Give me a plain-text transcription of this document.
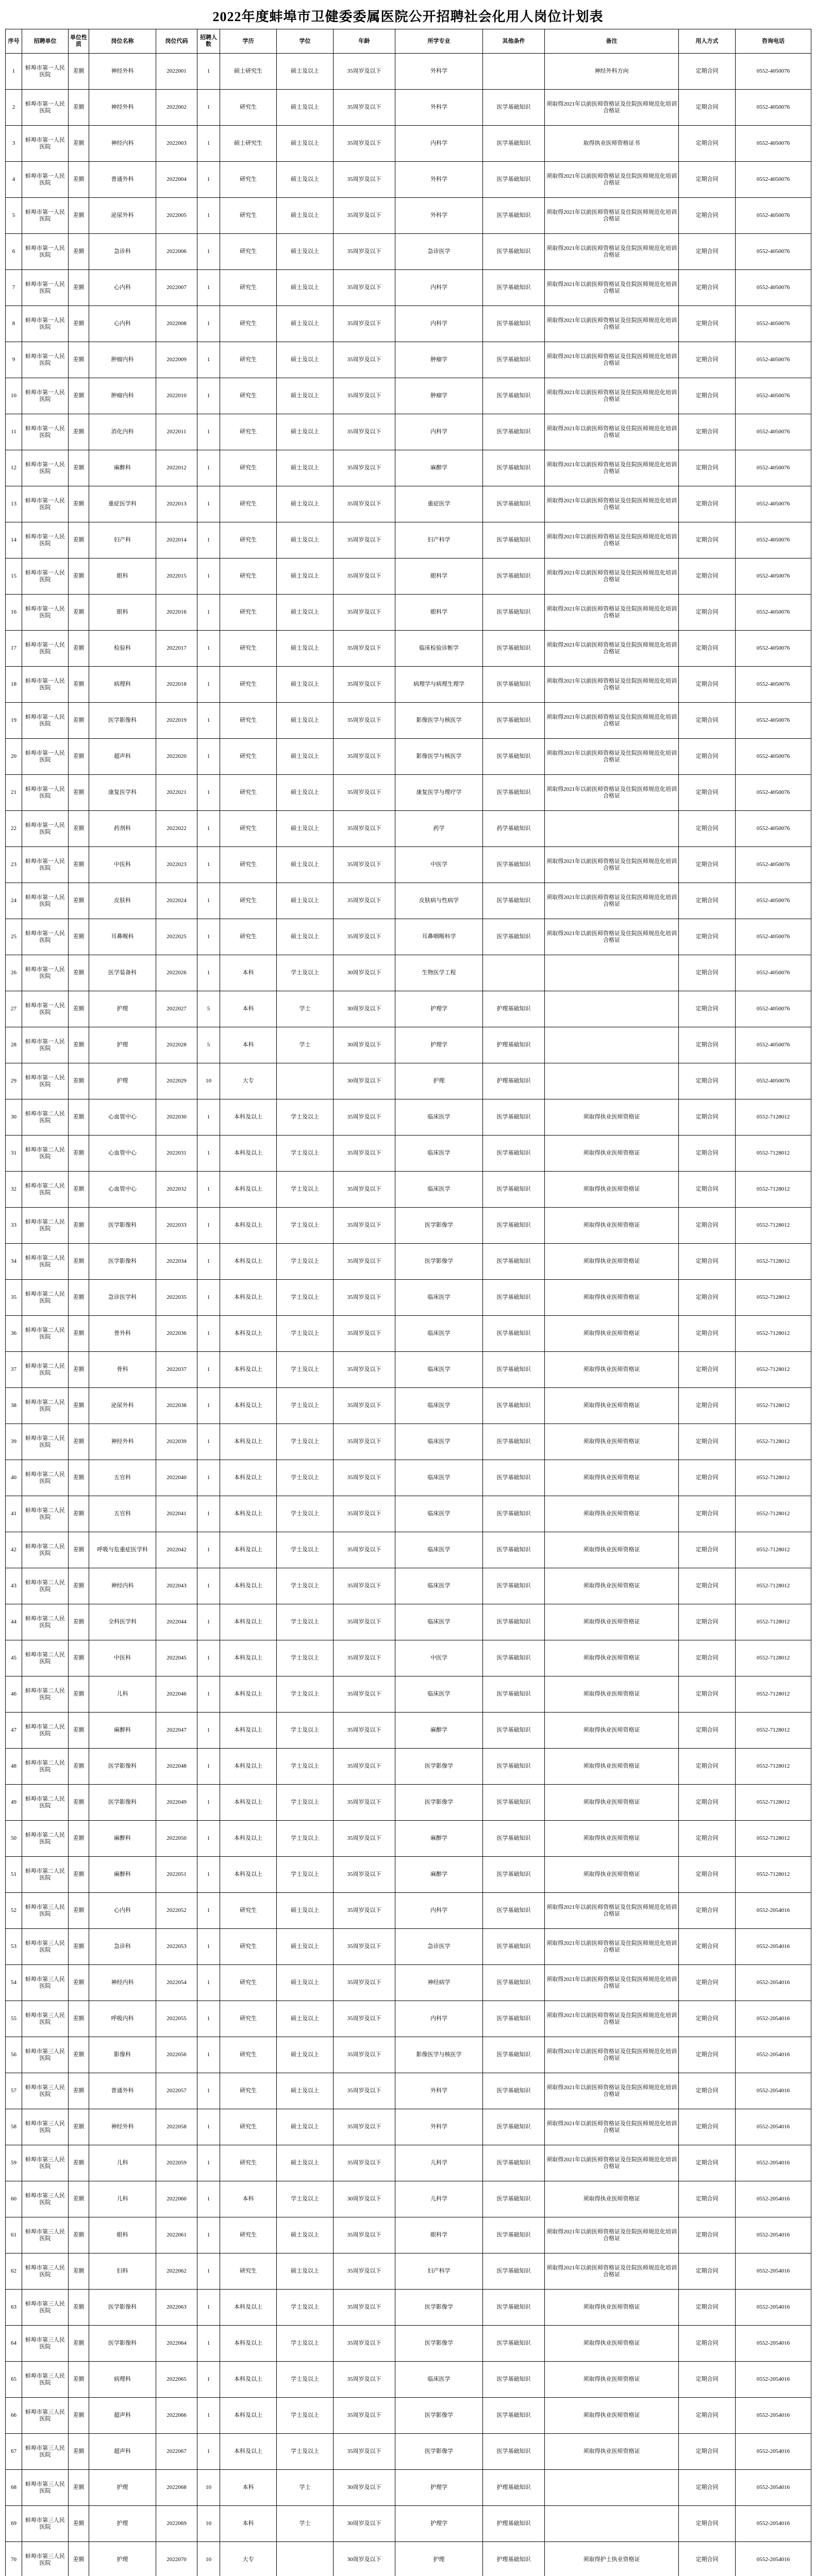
2022年度蚌埠市卫健委委属医院公开招聘社会化用人岗位计划表
序号	招聘单位	单位性质	岗位名称	岗位代码	招聘人数	学历	学位	年龄	所学专业	其他条件	备注	用人方式	咨询电话
1	蚌埠市第一人民医院	差额	神经外科	2022001	1	硕士研究生	硕士及以上	35周岁及以下	外科学		神经外科方向	定期合同	0552-4050076
2	蚌埠市第一人民医院	差额	神经外科	2022002	1	研究生	硕士及以上	35周岁及以下	外科学	医学基础知识	须取得2021年以前医师资格证及住院医师规范化培训合格证	定期合同	0552-4050076
3	蚌埠市第一人民医院	差额	神经内科	2022003	1	硕士研究生	硕士及以上	35周岁及以下	内科学	医学基础知识	取得执业医师资格证书	定期合同	0552-4050076
4	蚌埠市第一人民医院	差额	普通外科	2022004	1	研究生	硕士及以上	35周岁及以下	外科学	医学基础知识	须取得2021年以前医师资格证及住院医师规范化培训合格证	定期合同	0552-4050076
5	蚌埠市第一人民医院	差额	泌尿外科	2022005	1	研究生	硕士及以上	35周岁及以下	外科学	医学基础知识	须取得2021年以前医师资格证及住院医师规范化培训合格证	定期合同	0552-4050076
6	蚌埠市第一人民医院	差额	急诊科	2022006	1	研究生	硕士及以上	35周岁及以下	急诊医学	医学基础知识	须取得2021年以前医师资格证及住院医师规范化培训合格证	定期合同	0552-4050076
7	蚌埠市第一人民医院	差额	心内科	2022007	1	研究生	硕士及以上	35周岁及以下	内科学	医学基础知识	须取得2021年以前医师资格证及住院医师规范化培训合格证	定期合同	0552-4050076
8	蚌埠市第一人民医院	差额	心内科	2022008	1	研究生	硕士及以上	35周岁及以下	内科学	医学基础知识	须取得2021年以前医师资格证及住院医师规范化培训合格证	定期合同	0552-4050076
9	蚌埠市第一人民医院	差额	肿瘤内科	2022009	1	研究生	硕士及以上	35周岁及以下	肿瘤学	医学基础知识	须取得2021年以前医师资格证及住院医师规范化培训合格证	定期合同	0552-4050076
10	蚌埠市第一人民医院	差额	肿瘤内科	2022010	1	研究生	硕士及以上	35周岁及以下	肿瘤学	医学基础知识	须取得2021年以前医师资格证及住院医师规范化培训合格证	定期合同	0552-4050076
11	蚌埠市第一人民医院	差额	消化内科	2022011	1	研究生	硕士及以上	35周岁及以下	内科学	医学基础知识	须取得2021年以前医师资格证及住院医师规范化培训合格证	定期合同	0552-4050076
12	蚌埠市第一人民医院	差额	麻醉科	2022012	1	研究生	硕士及以上	35周岁及以下	麻醉学	医学基础知识	须取得2021年以前医师资格证及住院医师规范化培训合格证	定期合同	0552-4050076
13	蚌埠市第一人民医院	差额	重症医学科	2022013	1	研究生	硕士及以上	35周岁及以下	重症医学	医学基础知识	须取得2021年以前医师资格证及住院医师规范化培训合格证	定期合同	0552-4050076
14	蚌埠市第一人民医院	差额	妇产科	2022014	1	研究生	硕士及以上	35周岁及以下	妇产科学	医学基础知识	须取得2021年以前医师资格证及住院医师规范化培训合格证	定期合同	0552-4050076
15	蚌埠市第一人民医院	差额	眼科	2022015	1	研究生	硕士及以上	35周岁及以下	眼科学	医学基础知识	须取得2021年以前医师资格证及住院医师规范化培训合格证	定期合同	0552-4050076
16	蚌埠市第一人民医院	差额	眼科	2022016	1	研究生	硕士及以上	35周岁及以下	眼科学	医学基础知识	须取得2021年以前医师资格证及住院医师规范化培训合格证	定期合同	0552-4050076
17	蚌埠市第一人民医院	差额	检验科	2022017	1	研究生	硕士及以上	35周岁及以下	临床检验诊断学	医学基础知识	须取得2021年以前医师资格证及住院医师规范化培训合格证	定期合同	0552-4050076
18	蚌埠市第一人民医院	差额	病理科	2022018	1	研究生	硕士及以上	35周岁及以下	病理学与病理生理学	医学基础知识	须取得2021年以前医师资格证及住院医师规范化培训合格证	定期合同	0552-4050076
19	蚌埠市第一人民医院	差额	医学影像科	2022019	1	研究生	硕士及以上	35周岁及以下	影像医学与核医学	医学基础知识	须取得2021年以前医师资格证及住院医师规范化培训合格证	定期合同	0552-4050076
20	蚌埠市第一人民医院	差额	超声科	2022020	1	研究生	硕士及以上	35周岁及以下	影像医学与核医学	医学基础知识	须取得2021年以前医师资格证及住院医师规范化培训合格证	定期合同	0552-4050076
21	蚌埠市第一人民医院	差额	康复医学科	2022021	1	研究生	硕士及以上	35周岁及以下	康复医学与理疗学	医学基础知识	须取得2021年以前医师资格证及住院医师规范化培训合格证	定期合同	0552-4050076
22	蚌埠市第一人民医院	差额	药剂科	2022022	1	研究生	硕士及以上	35周岁及以下	药学	药学基础知识		定期合同	0552-4050076
23	蚌埠市第一人民医院	差额	中医科	2022023	1	研究生	硕士及以上	35周岁及以下	中医学	医学基础知识	须取得2021年以前医师资格证及住院医师规范化培训合格证	定期合同	0552-4050076
24	蚌埠市第一人民医院	差额	皮肤科	2022024	1	研究生	硕士及以上	35周岁及以下	皮肤病与性病学	医学基础知识	须取得2021年以前医师资格证及住院医师规范化培训合格证	定期合同	0552-4050076
25	蚌埠市第一人民医院	差额	耳鼻喉科	2022025	1	研究生	硕士及以上	35周岁及以下	耳鼻咽喉科学	医学基础知识	须取得2021年以前医师资格证及住院医师规范化培训合格证	定期合同	0552-4050076
26	蚌埠市第一人民医院	差额	医学装备科	2022026	1	本科	学士及以上	30周岁及以下	生物医学工程			定期合同	0552-4050076
27	蚌埠市第一人民医院	差额	护理	2022027	5	本科	学士	30周岁及以下	护理学	护理基础知识		定期合同	0552-4050076
28	蚌埠市第一人民医院	差额	护理	2022028	5	本科	学士	30周岁及以下	护理学	护理基础知识		定期合同	0552-4050076
29	蚌埠市第一人民医院	差额	护理	2022029	10	大专		30周岁及以下	护理	护理基础知识		定期合同	0552-4050076
30	蚌埠市第二人民医院	差额	心血管中心	2022030	1	本科及以上	学士及以上	35周岁及以下	临床医学	医学基础知识	须取得执业医师资格证	定期合同	0552-7128012
31	蚌埠市第二人民医院	差额	心血管中心	2022031	1	本科及以上	学士及以上	35周岁及以下	临床医学	医学基础知识	须取得执业医师资格证	定期合同	0552-7128012
32	蚌埠市第二人民医院	差额	心血管中心	2022032	1	本科及以上	学士及以上	35周岁及以下	临床医学	医学基础知识	须取得执业医师资格证	定期合同	0552-7128012
33	蚌埠市第二人民医院	差额	医学影像科	2022033	1	本科及以上	学士及以上	35周岁及以下	医学影像学	医学基础知识	须取得执业医师资格证	定期合同	0552-7128012
34	蚌埠市第二人民医院	差额	医学影像科	2022034	1	本科及以上	学士及以上	35周岁及以下	医学影像学	医学基础知识	须取得执业医师资格证	定期合同	0552-7128012
35	蚌埠市第二人民医院	差额	急诊医学科	2022035	1	本科及以上	学士及以上	35周岁及以下	临床医学	医学基础知识	须取得执业医师资格证	定期合同	0552-7128012
36	蚌埠市第二人民医院	差额	普外科	2022036	1	本科及以上	学士及以上	35周岁及以下	临床医学	医学基础知识	须取得执业医师资格证	定期合同	0552-7128012
37	蚌埠市第二人民医院	差额	骨科	2022037	1	本科及以上	学士及以上	35周岁及以下	临床医学	医学基础知识	须取得执业医师资格证	定期合同	0552-7128012
38	蚌埠市第二人民医院	差额	泌尿外科	2022038	1	本科及以上	学士及以上	35周岁及以下	临床医学	医学基础知识	须取得执业医师资格证	定期合同	0552-7128012
39	蚌埠市第二人民医院	差额	神经外科	2022039	1	本科及以上	学士及以上	35周岁及以下	临床医学	医学基础知识	须取得执业医师资格证	定期合同	0552-7128012
40	蚌埠市第二人民医院	差额	五官科	2022040	1	本科及以上	学士及以上	35周岁及以下	临床医学	医学基础知识	须取得执业医师资格证	定期合同	0552-7128012
41	蚌埠市第二人民医院	差额	五官科	2022041	1	本科及以上	学士及以上	35周岁及以下	临床医学	医学基础知识	须取得执业医师资格证	定期合同	0552-7128012
42	蚌埠市第二人民医院	差额	呼吸与危重症医学科	2022042	1	本科及以上	学士及以上	35周岁及以下	临床医学	医学基础知识	须取得执业医师资格证	定期合同	0552-7128012
43	蚌埠市第二人民医院	差额	神经内科	2022043	1	本科及以上	学士及以上	35周岁及以下	临床医学	医学基础知识	须取得执业医师资格证	定期合同	0552-7128012
44	蚌埠市第二人民医院	差额	全科医学科	2022044	1	本科及以上	学士及以上	35周岁及以下	临床医学	医学基础知识	须取得执业医师资格证	定期合同	0552-7128012
45	蚌埠市第二人民医院	差额	中医科	2022045	1	本科及以上	学士及以上	35周岁及以下	中医学	医学基础知识	须取得执业医师资格证	定期合同	0552-7128012
46	蚌埠市第二人民医院	差额	儿科	2022046	1	本科及以上	学士及以上	35周岁及以下	临床医学	医学基础知识	须取得执业医师资格证	定期合同	0552-7128012
47	蚌埠市第二人民医院	差额	麻醉科	2022047	1	本科及以上	学士及以上	35周岁及以下	麻醉学	医学基础知识	须取得执业医师资格证	定期合同	0552-7128012
48	蚌埠市第二人民医院	差额	医学影像科	2022048	1	本科及以上	学士及以上	35周岁及以下	医学影像学	医学基础知识	须取得执业医师资格证	定期合同	0552-7128012
49	蚌埠市第二人民医院	差额	医学影像科	2022049	1	本科及以上	学士及以上	35周岁及以下	医学影像学	医学基础知识	须取得执业医师资格证	定期合同	0552-7128012
50	蚌埠市第二人民医院	差额	麻醉科	2022050	1	本科及以上	学士及以上	35周岁及以下	麻醉学	医学基础知识	须取得执业医师资格证	定期合同	0552-7128012
51	蚌埠市第二人民医院	差额	麻醉科	2022051	1	本科及以上	学士及以上	35周岁及以下	麻醉学	医学基础知识	须取得执业医师资格证	定期合同	0552-7128012
52	蚌埠市第三人民医院	差额	心内科	2022052	1	研究生	硕士及以上	35周岁及以下	内科学	医学基础知识	须取得2021年以前医师资格证及住院医师规范化培训合格证	定期合同	0552-2054016
53	蚌埠市第三人民医院	差额	急诊科	2022053	1	研究生	硕士及以上	35周岁及以下	急诊医学	医学基础知识	须取得2021年以前医师资格证及住院医师规范化培训合格证	定期合同	0552-2054016
54	蚌埠市第三人民医院	差额	神经内科	2022054	1	研究生	硕士及以上	35周岁及以下	神经病学	医学基础知识	须取得2021年以前医师资格证及住院医师规范化培训合格证	定期合同	0552-2054016
55	蚌埠市第三人民医院	差额	呼吸内科	2022055	1	研究生	硕士及以上	35周岁及以下	内科学	医学基础知识	须取得2021年以前医师资格证及住院医师规范化培训合格证	定期合同	0552-2054016
56	蚌埠市第三人民医院	差额	影像科	2022056	1	研究生	硕士及以上	35周岁及以下	影像医学与核医学	医学基础知识	须取得2021年以前医师资格证及住院医师规范化培训合格证	定期合同	0552-2054016
57	蚌埠市第三人民医院	差额	普通外科	2022057	1	研究生	硕士及以上	35周岁及以下	外科学	医学基础知识	须取得2021年以前医师资格证及住院医师规范化培训合格证	定期合同	0552-2054016
58	蚌埠市第三人民医院	差额	神经外科	2022058	1	研究生	硕士及以上	35周岁及以下	外科学	医学基础知识	须取得2021年以前医师资格证及住院医师规范化培训合格证	定期合同	0552-2054016
59	蚌埠市第三人民医院	差额	儿科	2022059	1	研究生	硕士及以上	35周岁及以下	儿科学	医学基础知识	须取得2021年以前医师资格证及住院医师规范化培训合格证	定期合同	0552-2054016
60	蚌埠市第三人民医院	差额	儿科	2022060	1	本科	学士及以上	30周岁及以下	儿科学	医学基础知识	须取得执业医师资格证	定期合同	0552-2054016
61	蚌埠市第三人民医院	差额	眼科	2022061	1	研究生	硕士及以上	35周岁及以下	眼科学	医学基础知识	须取得2021年以前医师资格证及住院医师规范化培训合格证	定期合同	0552-2054016
62	蚌埠市第三人民医院	差额	妇科	2022062	1	研究生	硕士及以上	35周岁及以下	妇产科学	医学基础知识	须取得2021年以前医师资格证及住院医师规范化培训合格证	定期合同	0552-2054016
63	蚌埠市第三人民医院	差额	医学影像科	2022063	1	本科及以上	学士及以上	35周岁及以下	医学影像学	医学基础知识	须取得执业医师资格证	定期合同	0552-2054016
64	蚌埠市第三人民医院	差额	医学影像科	2022064	1	本科及以上	学士及以上	35周岁及以下	医学影像学	医学基础知识	须取得执业医师资格证	定期合同	0552-2054016
65	蚌埠市第三人民医院	差额	病理科	2022065	1	本科及以上	学士及以上	35周岁及以下	临床医学	医学基础知识	须取得执业医师资格证	定期合同	0552-2054016
66	蚌埠市第三人民医院	差额	超声科	2022066	1	本科及以上	学士及以上	35周岁及以下	医学影像学	医学基础知识	须取得执业医师资格证	定期合同	0552-2054016
67	蚌埠市第三人民医院	差额	超声科	2022067	1	本科及以上	学士及以上	35周岁及以下	医学影像学	医学基础知识	须取得执业医师资格证	定期合同	0552-2054016
68	蚌埠市第三人民医院	差额	护理	2022068	10	本科	学士	30周岁及以下	护理学	护理基础知识		定期合同	0552-2054016
69	蚌埠市第三人民医院	差额	护理	2022069	10	本科	学士	30周岁及以下	护理学	护理基础知识		定期合同	0552-2054016
70	蚌埠市第三人民医院	差额	护理	2022070	10	大专		30周岁及以下	护理	护理基础知识	须取得护士执业资格证	定期合同	0552-2054016
